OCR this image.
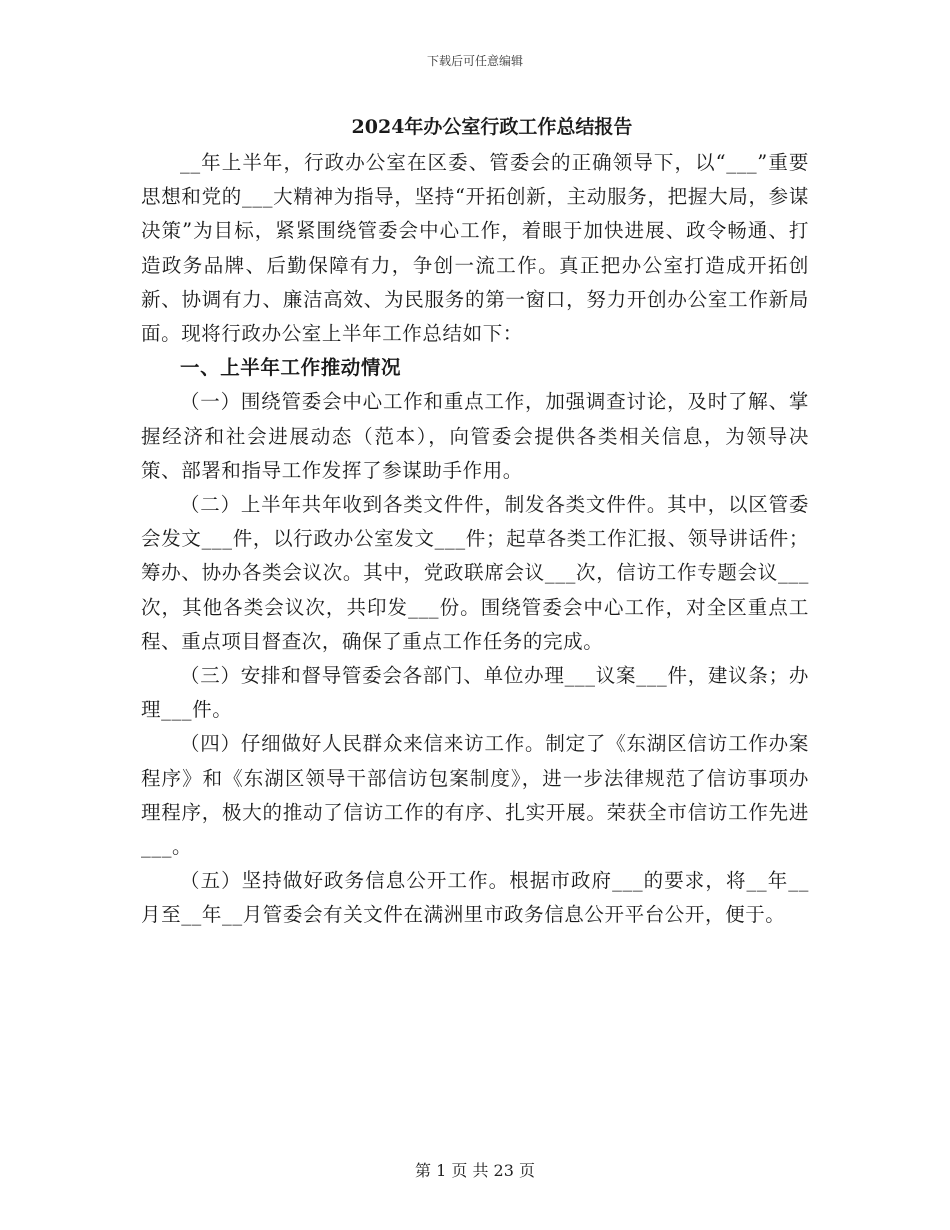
下载后可任意编辑
2024年办公室行政工作总结报告

__年上半年，行政办公室在区委、管委会的正确领导下，以“___”重要思想和党的___大精神为指导，坚持“开拓创新，主动服务，把握大局，参谋决策”为目标，紧紧围绕管委会中心工作，着眼于加快进展、政令畅通、打造政务品牌、后勤保障有力，争创一流工作。真正把办公室打造成开拓创新、协调有力、廉洁高效、为民服务的第一窗口，努力开创办公室工作新局面。现将行政办公室上半年工作总结如下：

一、上半年工作推动情况

（一）围绕管委会中心工作和重点工作，加强调查讨论，及时了解、掌握经济和社会进展动态（范本），向管委会提供各类相关信息，为领导决策、部署和指导工作发挥了参谋助手作用。

（二）上半年共年收到各类文件件，制发各类文件件。其中，以区管委会发文___件，以行政办公室发文___件；起草各类工作汇报、领导讲话件；筹办、协办各类会议次。其中，党政联席会议___次，信访工作专题会议___次，其他各类会议次，共印发___份。围绕管委会中心工作，对全区重点工程、重点项目督查次，确保了重点工作任务的完成。

（三）安排和督导管委会各部门、单位办理___议案___件，建议条；办理___件。

（四）仔细做好人民群众来信来访工作。制定了《东湖区信访工作办案程序》和《东湖区领导干部信访包案制度》，进一步法律规范了信访事项办理程序，极大的推动了信访工作的有序、扎实开展。荣获全市信访工作先进___。

（五）坚持做好政务信息公开工作。根据市政府___的要求，将__年__月至__年__月管委会有关文件在满洲里市政务信息公开平台公开，便于。

第 1 页 共 23 页
